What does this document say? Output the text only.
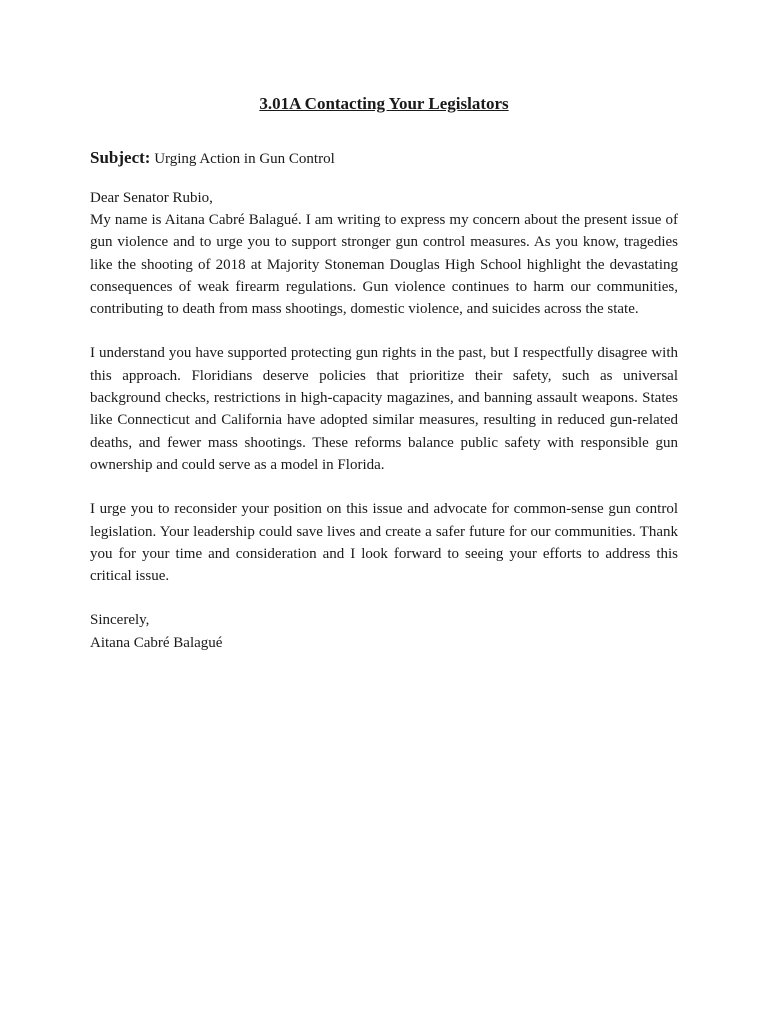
3.01A Contacting Your Legislators

Subject: Urging Action in Gun Control

Dear Senator Rubio,

My name is Aitana Cabré Balagué. I am writing to express my concern about the present issue of gun violence and to urge you to support stronger gun control measures. As you know, tragedies like the shooting of 2018 at Majority Stoneman Douglas High School highlight the devastating consequences of weak firearm regulations. Gun violence continues to harm our communities, contributing to death from mass shootings, domestic violence, and suicides across the state.

I understand you have supported protecting gun rights in the past, but I respectfully disagree with this approach. Floridians deserve policies that prioritize their safety, such as universal background checks, restrictions in high-capacity magazines, and banning assault weapons. States like Connecticut and California have adopted similar measures, resulting in reduced gun-related deaths, and fewer mass shootings. These reforms balance public safety with responsible gun ownership and could serve as a model in Florida.

I urge you to reconsider your position on this issue and advocate for common-sense gun control legislation. Your leadership could save lives and create a safer future for our communities. Thank you for your time and consideration and I look forward to seeing your efforts to address this critical issue.

Sincerely,

Aitana Cabré Balagué
